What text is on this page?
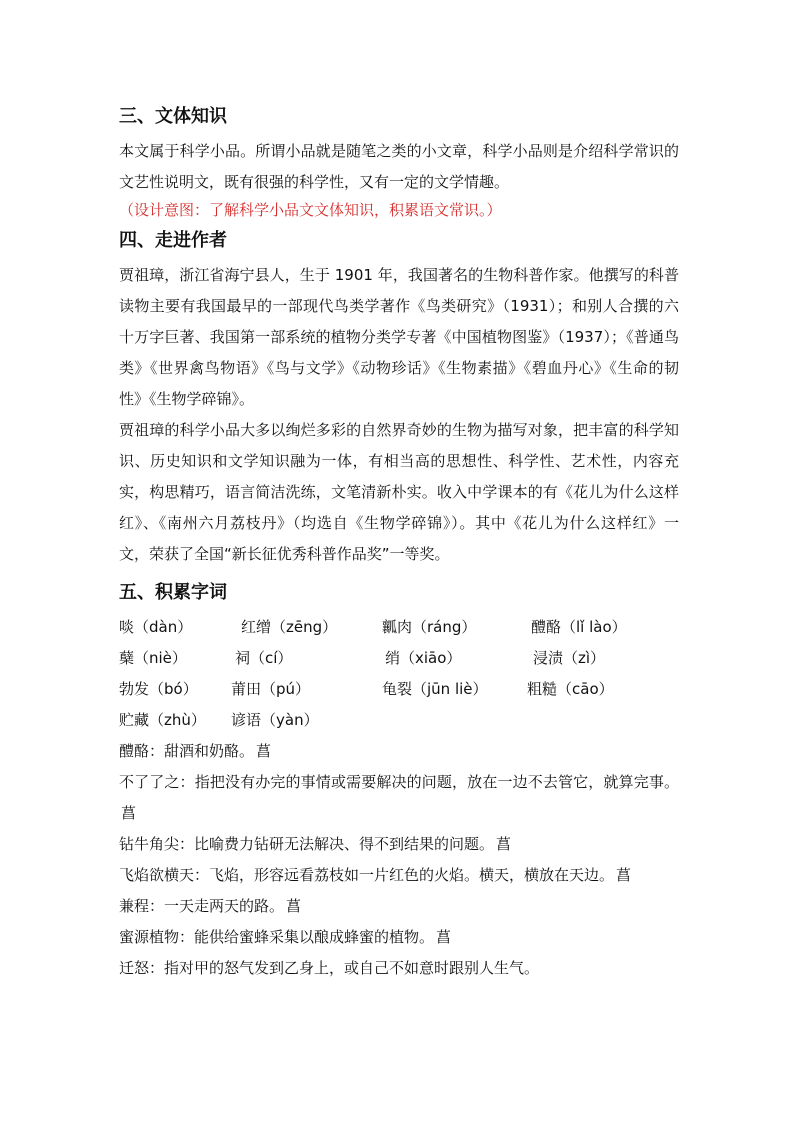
三、文体知识

本文属于科学小品。所谓小品就是随笔之类的小文章，科学小品则是介绍科学常识的文艺性说明文，既有很强的科学性，又有一定的文学情趣。

（设计意图：了解科学小品文文体知识，积累语文常识。）

四、走进作者

贾祖璋，浙江省海宁县人，生于 1901 年，我国著名的生物科普作家。他撰写的科普读物主要有我国最早的一部现代鸟类学著作《鸟类研究》（1931）；和别人合撰的六十万字巨著、我国第一部系统的植物分类学专著《中国植物图鉴》（1937）；《普通鸟类》《世界禽鸟物语》《鸟与文学》《动物珍话》《生物素描》《碧血丹心》《生命的韧性》《生物学碎锦》。

贾祖璋的科学小品大多以绚烂多彩的自然界奇妙的生物为描写对象，把丰富的科学知识、历史知识和文学知识融为一体，有相当高的思想性、科学性、艺术性，内容充实，构思精巧，语言简洁洗练，文笔清新朴实。收入中学课本的有《花儿为什么这样红》、《南州六月荔枝丹》（均选自《生物学碎锦》）。其中《花儿为什么这样红》一文，荣获了全国“新长征优秀科普作品奖”一等奖。

五、积累字词
啖（dàn）	红缯（zēng）	瓤肉（ráng）	醴酪（lǐ lào）
蘖（niè）	祠（cí）	绡（xiāo）	浸渍（zì）
勃发（bó） 莆田（pú）	龟裂（jūn liè）	粗糙（cāo）
贮藏（zhù） 谚语（yàn）

醴酪：甜酒和奶酪。 菖

不了了之：指把没有办完的事情或需要解决的问题，放在一边不去管它，就算完事。菖

钻牛角尖：比喻费力钻研无法解决、得不到结果的问题。 菖

飞焰欲横天：飞焰，形容远看荔枝如一片红色的火焰。横天，横放在天边。 菖

兼程：一天走两天的路。 菖

蜜源植物：能供给蜜蜂采集以酿成蜂蜜的植物。 菖

迁怒：指对甲的怒气发到乙身上，或自己不如意时跟别人生气。
